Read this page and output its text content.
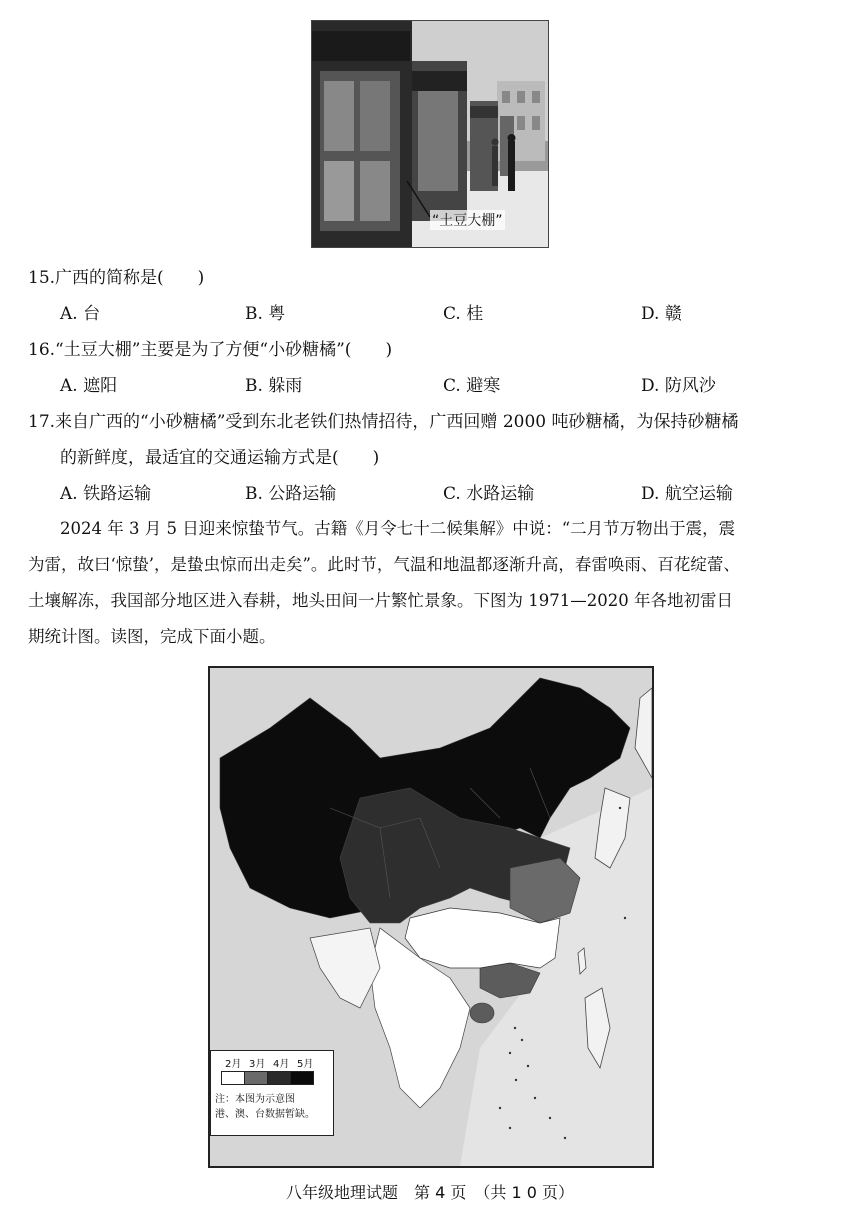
“土豆大棚”
15.广西的简称是(　　)
A. 台	B. 粤	C. 桂	D. 赣
16.“土豆大棚”主要是为了方便“小砂糖橘”(　　)
A. 遮阳	B. 躲雨	C. 避寒	D. 防风沙
17.来自广西的“小砂糖橘”受到东北老铁们热情招待，广西回赠 2000 吨砂糖橘，为保持砂糖橘
的新鲜度，最适宜的交通运输方式是(　　)
A. 铁路运输	B. 公路运输	C. 水路运输	D. 航空运输
2024 年 3 月 5 日迎来惊蛰节气。古籍《月令七十二候集解》中说：“二月节万物出于震，震
为雷，故曰‘惊蛰’，是蛰虫惊而出走矣”。此时节，气温和地温都逐渐升高，春雷唤雨、百花绽蕾、
土壤解冻，我国部分地区进入春耕，地头田间一片繁忙景象。下图为 1971—2020 年各地初雷日
期统计图。读图，完成下面小题。
2月 3月 4月 5月
注：本图为示意图
港、澳、台数据暂缺。
八年级地理试题　第 4 页　（共 1 0 页）
